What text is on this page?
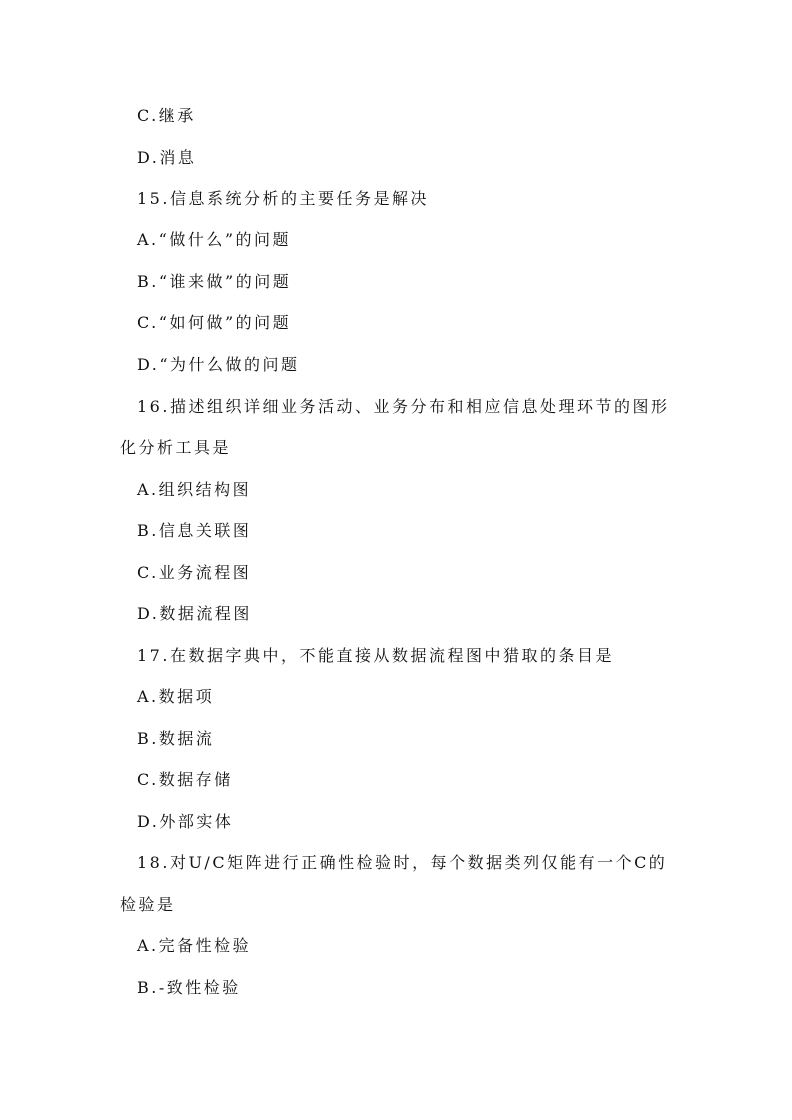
C.继承
D.消息
15.信息系统分析的主要任务是解决
A.“做什么”的问题
B.“谁来做”的问题
C.“如何做”的问题
D.“为什么做的问题
16.描述组织详细业务活动、业务分布和相应信息处理环节的图形
化分析工具是
A.组织结构图
B.信息关联图
C.业务流程图
D.数据流程图
17.在数据字典中，不能直接从数据流程图中猎取的条目是
A.数据项
B.数据流
C.数据存储
D.外部实体
18.对U/C矩阵进行正确性检验时，每个数据类列仅能有一个C的
检验是
A.完备性检验
B.-致性检验
